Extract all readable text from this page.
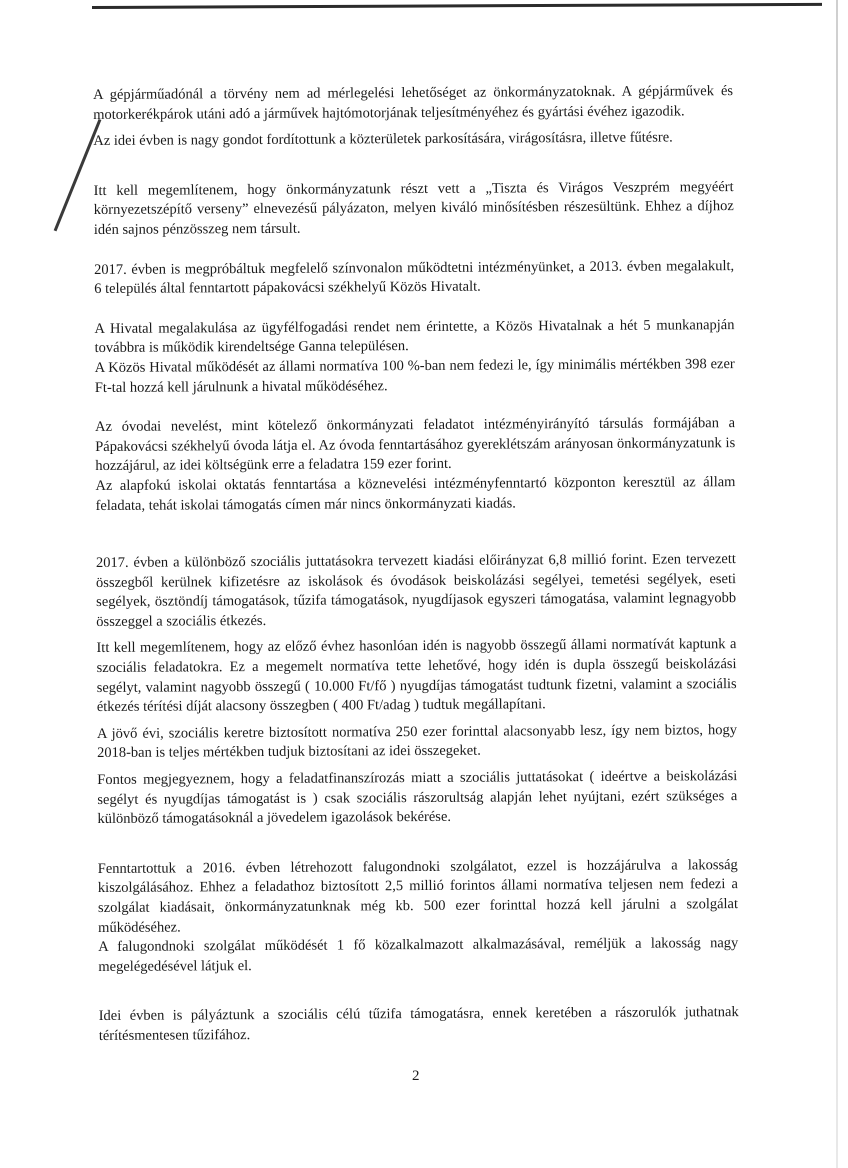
A gépjárműadónál a törvény nem ad mérlegelési lehetőséget az önkormányzatoknak. A gépjárművek és motorkerékpárok utáni adó a járművek hajtómotorjának teljesítményéhez és gyártási évéhez igazodik.

Az idei évben is nagy gondot fordítottunk a közterületek parkosítására, virágosításra, illetve fűtésre.

Itt kell megemlítenem, hogy önkormányzatunk részt vett a „Tiszta és Virágos Veszprém megyéért környezetszépítő verseny” elnevezésű pályázaton, melyen kiváló minősítésben részesültünk. Ehhez a díjhoz idén sajnos pénzösszeg nem társult.

2017. évben is megpróbáltuk megfelelő színvonalon működtetni intézményünket, a 2013. évben megalakult, 6 település által fenntartott pápakovácsi székhelyű Közös Hivatalt.

A Hivatal megalakulása az ügyfélfogadási rendet nem érintette, a Közös Hivatalnak a hét 5 munkanapján továbbra is működik kirendeltsége Ganna településen.

A Közös Hivatal működését az állami normatíva 100 %-ban nem fedezi le, így minimális mértékben 398 ezer Ft-tal hozzá kell járulnunk a hivatal működéséhez.

Az óvodai nevelést, mint kötelező önkormányzati feladatot intézményirányító társulás formájában a Pápakovácsi székhelyű óvoda látja el. Az óvoda fenntartásához gyereklétszám arányosan önkormányzatunk is hozzájárul, az idei költségünk erre a feladatra 159 ezer forint.

Az alapfokú iskolai oktatás fenntartása a köznevelési intézményfenntartó központon keresztül az állam feladata, tehát iskolai támogatás címen már nincs önkormányzati kiadás.

2017. évben a különböző szociális juttatásokra tervezett kiadási előirányzat 6,8 millió forint. Ezen tervezett összegből kerülnek kifizetésre az iskolások és óvodások beiskolázási segélyei, temetési segélyek, eseti segélyek, ösztöndíj támogatások, tűzifa támogatások, nyugdíjasok egyszeri támogatása, valamint legnagyobb összeggel a szociális étkezés.

Itt kell megemlítenem, hogy az előző évhez hasonlóan idén is nagyobb összegű állami normatívát kaptunk a szociális feladatokra. Ez a megemelt normatíva tette lehetővé, hogy idén is dupla összegű beiskolázási segélyt, valamint nagyobb összegű ( 10.000 Ft/fő ) nyugdíjas támogatást tudtunk fizetni, valamint a szociális étkezés térítési díját alacsony összegben ( 400 Ft/adag ) tudtuk megállapítani.

A jövő évi, szociális keretre biztosított normatíva 250 ezer forinttal alacsonyabb lesz, így nem biztos, hogy 2018-ban is teljes mértékben tudjuk biztosítani az idei összegeket.

Fontos megjegyeznem, hogy a feladatfinanszírozás miatt a szociális juttatásokat ( ideértve a beiskolázási segélyt és nyugdíjas támogatást is ) csak szociális rászorultság alapján lehet nyújtani, ezért szükséges a különböző támogatásoknál a jövedelem igazolások bekérése.

Fenntartottuk a 2016. évben létrehozott falugondnoki szolgálatot, ezzel is hozzájárulva a lakosság kiszolgálásához. Ehhez a feladathoz biztosított 2,5 millió forintos állami normatíva teljesen nem fedezi a szolgálat kiadásait, önkormányzatunknak még kb. 500 ezer forinttal hozzá kell járulni a szolgálat működéséhez.

A falugondnoki szolgálat működését 1 fő közalkalmazott alkalmazásával, reméljük a lakosság nagy megelégedésével látjuk el.

Idei évben is pályáztunk a szociális célú tűzifa támogatásra, ennek keretében a rászorulók juthatnak térítésmentesen tűzifához.

2
